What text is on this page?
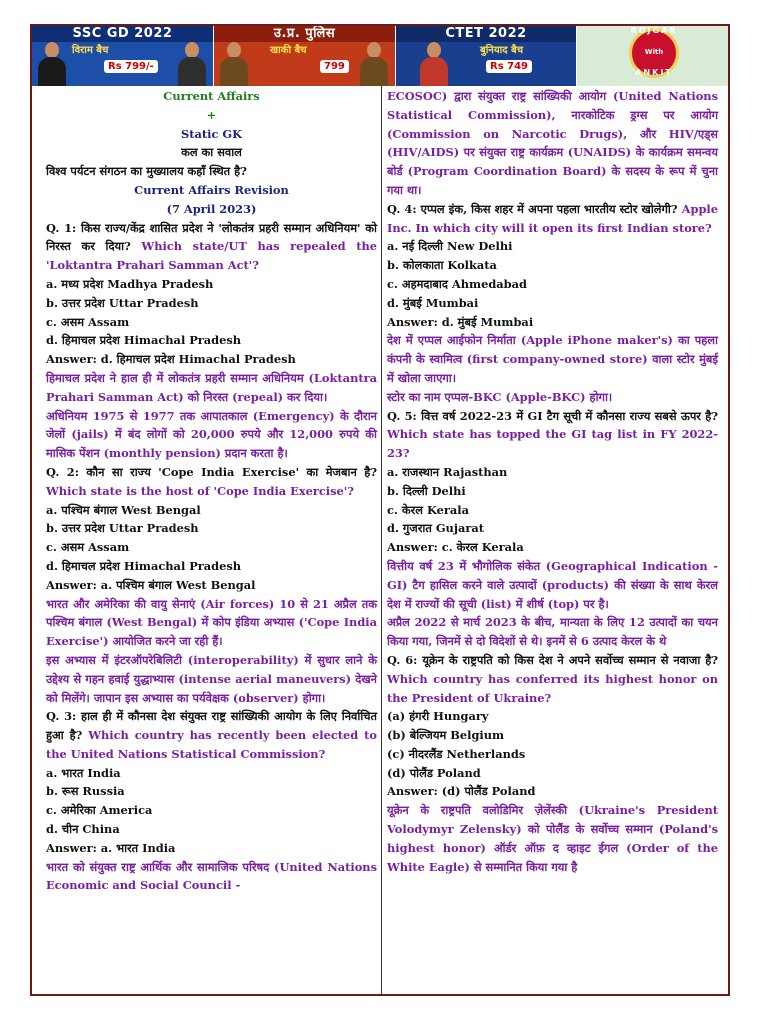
SSC GD 2022
विराम बैच
Rs 799/-
उ.प्र. पुलिस
खाकी बैच
799
CTET 2022
बुनियाद बैच
Rs 749
ROJGAR
With
ANKIT

Current Affairs

+

Static GK

कल का सवाल

विश्व पर्यटन संगठन का मुख्यालय कहाँ स्थित है?

Current Affairs Revision

(7 April 2023)

Q. 1: किस राज्य/केंद्र शासित प्रदेश ने 'लोकतंत्र प्रहरी सम्मान अधिनियम' को निरस्त कर दिया? Which state/UT has repealed the 'Loktantra Prahari Samman Act'?

a. मध्य प्रदेश Madhya Pradesh

b. उत्तर प्रदेश Uttar Pradesh

c. असम Assam

d. हिमाचल प्रदेश Himachal Pradesh

Answer: d. हिमाचल प्रदेश Himachal Pradesh

हिमाचल प्रदेश ने हाल ही में लोकतंत्र प्रहरी सम्मान अधिनियम (Loktantra Prahari Samman Act) को निरस्त (repeal) कर दिया।

अधिनियम 1975 से 1977 तक आपातकाल (Emergency) के दौरान जेलों (jails) में बंद लोगों को 20,000 रुपये और 12,000 रुपये की मासिक पेंशन (monthly pension) प्रदान करता है।

Q. 2: कौन सा राज्य 'Cope India Exercise' का मेजबान है? Which state is the host of 'Cope India Exercise'?

a. पश्चिम बंगाल West Bengal

b. उत्तर प्रदेश Uttar Pradesh

c. असम Assam

d. हिमाचल प्रदेश Himachal Pradesh

Answer: a. पश्चिम बंगाल West Bengal

भारत और अमेरिका की वायु सेनाएं (Air forces) 10 से 21 अप्रैल तक पश्चिम बंगाल (West Bengal) में कोप इंडिया अभ्यास ('Cope India Exercise') आयोजित करने जा रही हैं।

इस अभ्यास में इंटरऑपरेबिलिटी (interoperability) में सुधार लाने के उद्देश्य से गहन हवाई युद्धाभ्यास (intense aerial maneuvers) देखने को मिलेंगे। जापान इस अभ्यास का पर्यवेक्षक (observer) होगा।

Q. 3: हाल ही में कौनसा देश संयुक्त राष्ट्र सांख्यिकी आयोग के लिए निर्वाचित हुआ है? Which country has recently been elected to the United Nations Statistical Commission?

a. भारत India

b. रूस Russia

c. अमेरिका America

d. चीन China

Answer: a. भारत India

भारत को संयुक्त राष्ट्र आर्थिक और सामाजिक परिषद (United Nations Economic and Social Council -

ECOSOC) द्वारा संयुक्त राष्ट्र सांख्यिकी आयोग (United Nations Statistical Commission), नारकोटिक ड्रग्स पर आयोग (Commission on Narcotic Drugs), और HIV/एड्स (HIV/AIDS) पर संयुक्त राष्ट्र कार्यक्रम (UNAIDS) के कार्यक्रम समन्वय बोर्ड (Program Coordination Board) के सदस्य के रूप में चुना गया था।

Q. 4: एप्पल इंक, किस शहर में अपना पहला भारतीय स्टोर खोलेगी? Apple Inc. In which city will it open its first Indian store?

a. नई दिल्ली New Delhi

b. कोलकाता Kolkata

c. अहमदाबाद Ahmedabad

d. मुंबई Mumbai

Answer: d. मुंबई Mumbai

देश में एप्पल आईफोन निर्माता (Apple iPhone maker's) का पहला कंपनी के स्वामित्व (first company-owned store) वाला स्टोर मुंबई में खोला जाएगा।

स्टोर का नाम एप्पल-BKC (Apple-BKC) होगा।

Q. 5: वित्त वर्ष 2022-23 में GI टैग सूची में कौनसा राज्य सबसे ऊपर है? Which state has topped the GI tag list in FY 2022-23?

a. राजस्थान Rajasthan

b. दिल्ली Delhi

c. केरल Kerala

d. गुजरात Gujarat

Answer: c. केरल Kerala

वित्तीय वर्ष 23 में भौगोलिक संकेत (Geographical Indication - GI) टैग हासिल करने वाले उत्पादों (products) की संख्या के साथ केरल देश में राज्यों की सूची (list) में शीर्ष (top) पर है।

अप्रैल 2022 से मार्च 2023 के बीच, मान्यता के लिए 12 उत्पादों का चयन किया गया, जिनमें से दो विदेशों से थे। इनमें से 6 उत्पाद केरल के थे

Q. 6: यूक्रेन के राष्ट्रपति को किस देश ने अपने सर्वोच्च सम्मान से नवाजा है? Which country has conferred its highest honor on the President of Ukraine?

(a) हंगरी Hungary

(b) बेल्जियम Belgium

(c) नीदरलैंड Netherlands

(d) पोलैंड Poland

Answer: (d) पोलैंड Poland

यूक्रेन के राष्ट्रपति वलोडिमिर ज़ेलेंस्की (Ukraine's President Volodymyr Zelensky) को पोलैंड के सर्वोच्च सम्मान (Poland's highest honor) ऑर्डर ऑफ़ द व्हाइट ईगल (Order of the White Eagle) से सम्मानित किया गया है
